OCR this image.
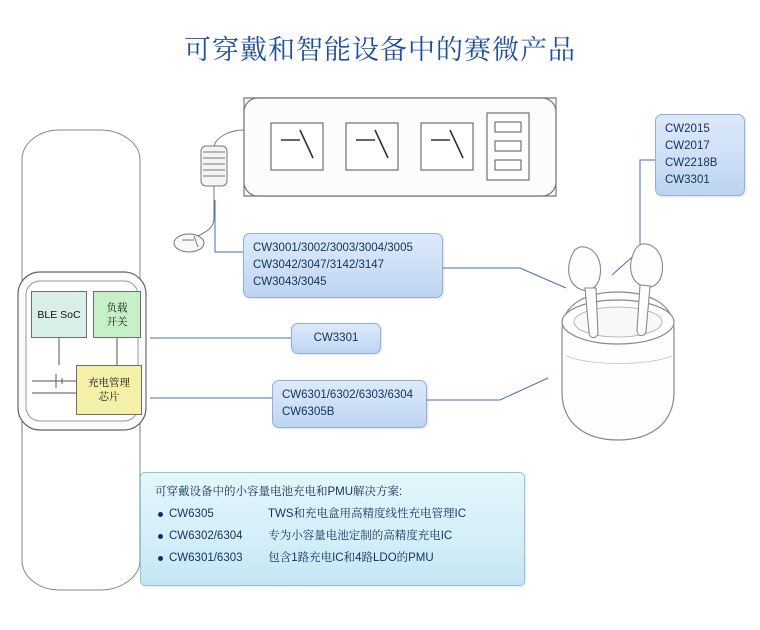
可穿戴和智能设备中的赛微产品
BLE SoC
负载
开关
充电管理
芯片
CW3001/3002/3003/3004/3005
CW3042/3047/3142/3147
CW3043/3045
CW3301
CW6301/6302/6303/6304
CW6305B
CW2015
CW2017
CW2218B
CW3301
可穿戴设备中的小容量电池充电和PMU解决方案:
CW6305	TWS和充电盒用高精度线性充电管理IC
CW6302/6304 专为小容量电池定制的高精度充电IC
CW6301/6303 包含1路充电IC和4路LDO的PMU
